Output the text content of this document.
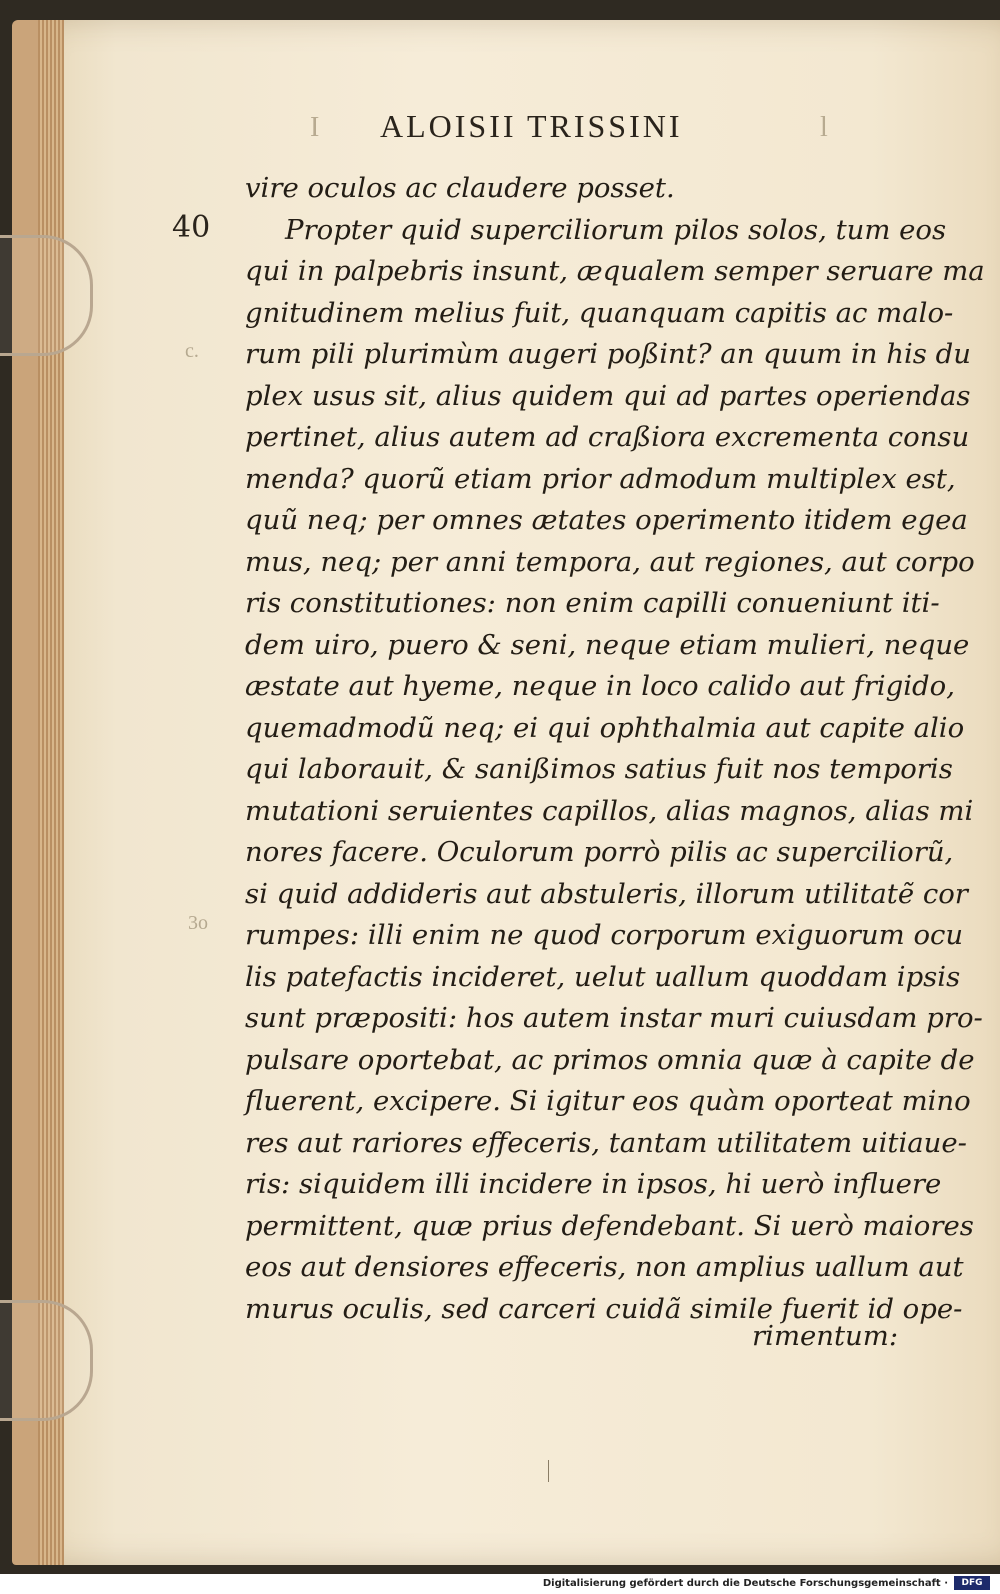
I ALOISII TRISSINI	l
40
c.
3o
vire oculos ac claudere posset.
Propter quid superciliorum pilos solos, tum eos
qui in palpebris insunt, æqualem semper seruare ma
gnitudinem melius fuit, quanquam capitis ac malo-
rum pili plurimùm augeri poßint? an quum in his du
plex usus sit, alius quidem qui ad partes operiendas
pertinet, alius autem ad craßiora excrementa consu
menda? quorũ etiam prior admodum multiplex est,
quũ neq; per omnes ætates operimento itidem egea
mus, neq; per anni tempora, aut regiones, aut corpo
ris constitutiones: non enim capilli conueniunt iti-
dem uiro, puero & seni, neque etiam mulieri, neque
æstate aut hyeme, neque in loco calido aut frigido,
quemadmodũ neq; ei qui ophthalmia aut capite alio
qui laborauit, & sanißimos satius fuit nos temporis
mutationi seruientes capillos, alias magnos, alias mi
nores facere. Oculorum porrò pilis ac superciliorũ,
si quid addideris aut abstuleris, illorum utilitatẽ cor
rumpes: illi enim ne quod corporum exiguorum ocu
lis patefactis incideret, uelut uallum quoddam ipsis
sunt præpositi: hos autem instar muri cuiusdam pro-
pulsare oportebat, ac primos omnia quæ à capite de
fluerent, excipere. Si igitur eos quàm oporteat mino
res aut rariores effeceris, tantam utilitatem uitiaue-
ris: siquidem illi incidere in ipsos, hi uerò influere
permittent, quæ prius defendebant. Si uerò maiores
eos aut densiores effeceris, non amplius uallum aut
murus oculis, sed carceri cuidã simile fuerit id ope-
rimentum:
Digitalisierung gefördert durch die Deutsche Forschungsgemeinschaft ·	DFG
